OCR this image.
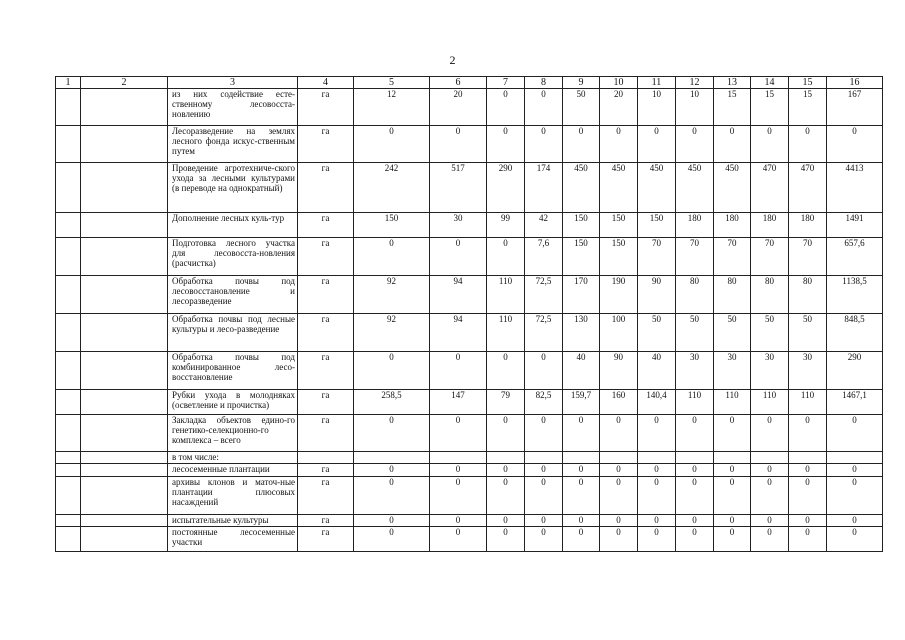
2
1	2	3	4	5	6	7	8	9	10	11	12	13	14	15	16
		из них содействие есте-ственному лесовосста-новлению	га	12	20	0	0	50	20	10	10	15	15	15	167
		Лесоразведение на землях лесного фонда искус-ственным путем	га	0	0	0	0	0	0	0	0	0	0	0	0
		Проведение агротехниче-ского ухода за лесными культурами (в переводе на однократный)	га	242	517	290	174	450	450	450	450	450	470	470	4413
		Дополнение лесных куль-тур	га	150	30	99	42	150	150	150	180	180	180	180	1491
		Подготовка лесного участка для лесовосста-новления (расчистка)	га	0	0	0	7,6	150	150	70	70	70	70	70	657,6
		Обработка почвы под лесовосстановление и лесоразведение	га	92	94	110	72,5	170	190	90	80	80	80	80	1138,5
		Обработка почвы под лесные культуры и лесо-разведение	га	92	94	110	72,5	130	100	50	50	50	50	50	848,5
		Обработка почвы под комбинированное лесо-восстановление	га	0	0	0	0	40	90	40	30	30	30	30	290
		Рубки ухода в молодняках (осветление и прочистка)	га	258,5	147	79	82,5	159,7	160	140,4	110	110	110	110	1467,1
		Закладка объектов едино-го генетико-селекционно-го комплекса – всего	га	0	0	0	0	0	0	0	0	0	0	0	0
		в том числе:													
		лесосеменные плантации	га	0	0	0	0	0	0	0	0	0	0	0	0
		архивы клонов и маточ-ные плантации плюсовых насаждений	га	0	0	0	0	0	0	0	0	0	0	0	0
		испытательные культуры	га	0	0	0	0	0	0	0	0	0	0	0	0
		постоянные лесосеменные участки	га	0	0	0	0	0	0	0	0	0	0	0	0
